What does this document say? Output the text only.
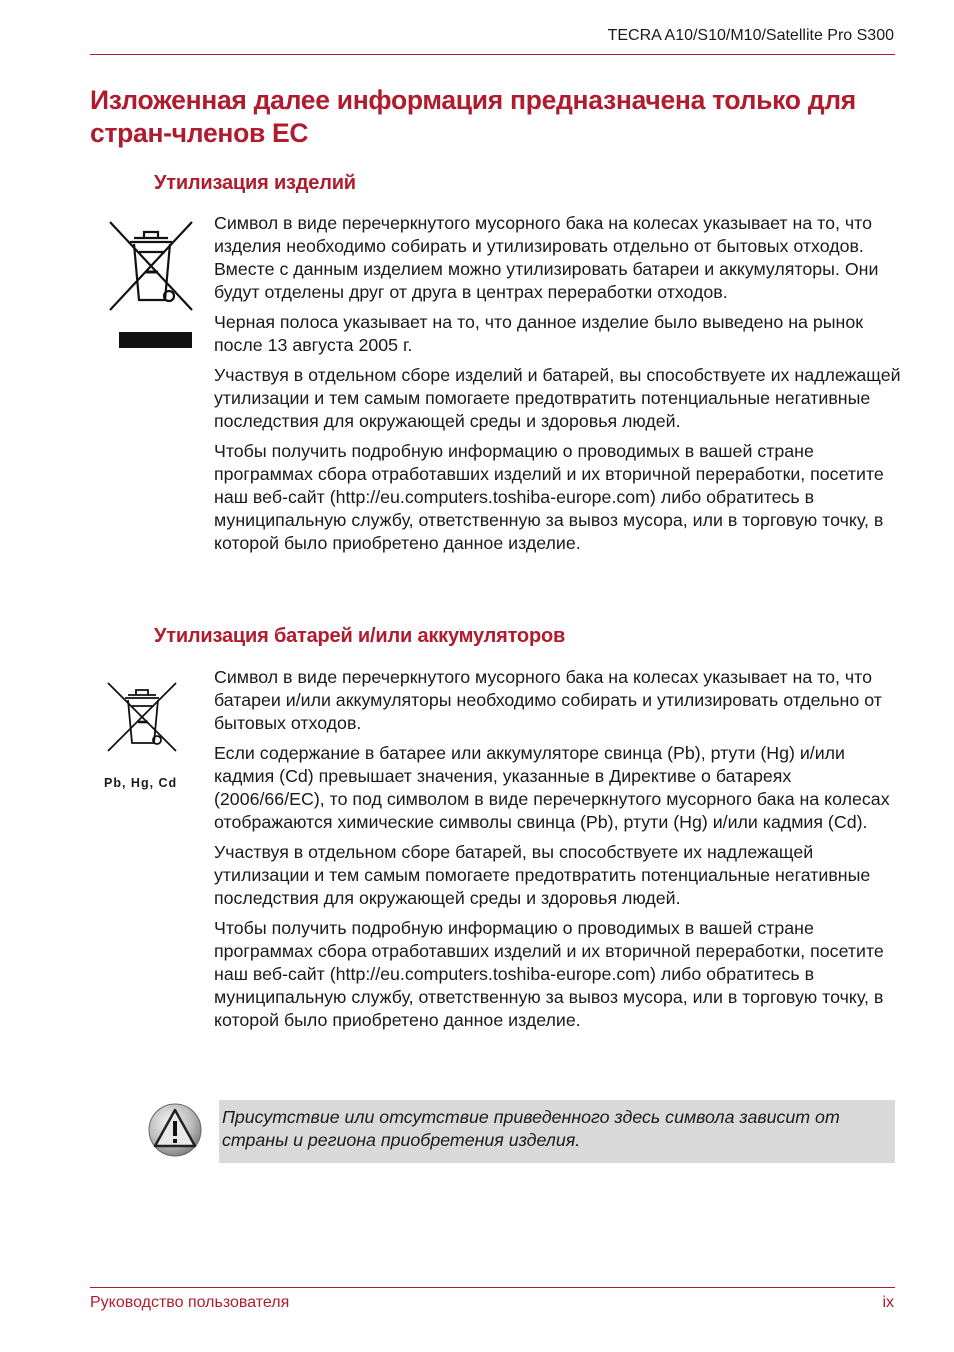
TECRA A10/S10/M10/Satellite Pro S300
Изложенная далее информация предназначена только для стран-членов ЕС
Утилизация изделий

Символ в виде перечеркнутого мусорного бака на колесах указывает на то, что изделия необходимо собирать и утилизировать отдельно от бытовых отходов. Вместе с данным изделием можно утилизировать батареи и аккумуляторы. Они будут отделены друг от друга в центрах переработки отходов.

Черная полоса указывает на то, что данное изделие было выведено на рынок после 13 августа 2005 г.

Участвуя в отдельном сборе изделий и батарей, вы способствуете их надлежащей утилизации и тем самым помогаете предотвратить потенциальные негативные последствия для окружающей среды и здоровья людей.

Чтобы получить подробную информацию о проводимых в вашей стране программах сбора отработавших изделий и их вторичной переработки, посетите наш веб-сайт (http://eu.computers.toshiba-europe.com) либо обратитесь в муниципальную службу, ответственную за вывоз мусора, или в торговую точку, в которой было приобретено данное изделие.

Утилизация батарей и/или аккумуляторов
Pb, Hg, Cd

Символ в виде перечеркнутого мусорного бака на колесах указывает на то, что батареи и/или аккумуляторы необходимо собирать и утилизировать отдельно от бытовых отходов.

Если содержание в батарее или аккумуляторе свинца (Pb), ртути (Hg) и/или кадмия (Cd) превышает значения, указанные в Директиве о батареях (2006/66/EC), то под символом в виде перечеркнутого мусорного бака на колесах отображаются химические символы свинца (Pb), ртути (Hg) и/или кадмия (Cd).

Участвуя в отдельном сборе батарей, вы способствуете их надлежащей утилизации и тем самым помогаете предотвратить потенциальные негативные последствия для окружающей среды и здоровья людей.

Чтобы получить подробную информацию о проводимых в вашей стране программах сбора отработавших изделий и их вторичной переработки, посетите наш веб-сайт (http://eu.computers.toshiba-europe.com) либо обратитесь в муниципальную службу, ответственную за вывоз мусора, или в торговую точку, в которой было приобретено данное изделие.

Присутствие или отсутствие приведенного здесь символа зависит от страны и региона приобретения изделия.
Руководство пользователя	ix
